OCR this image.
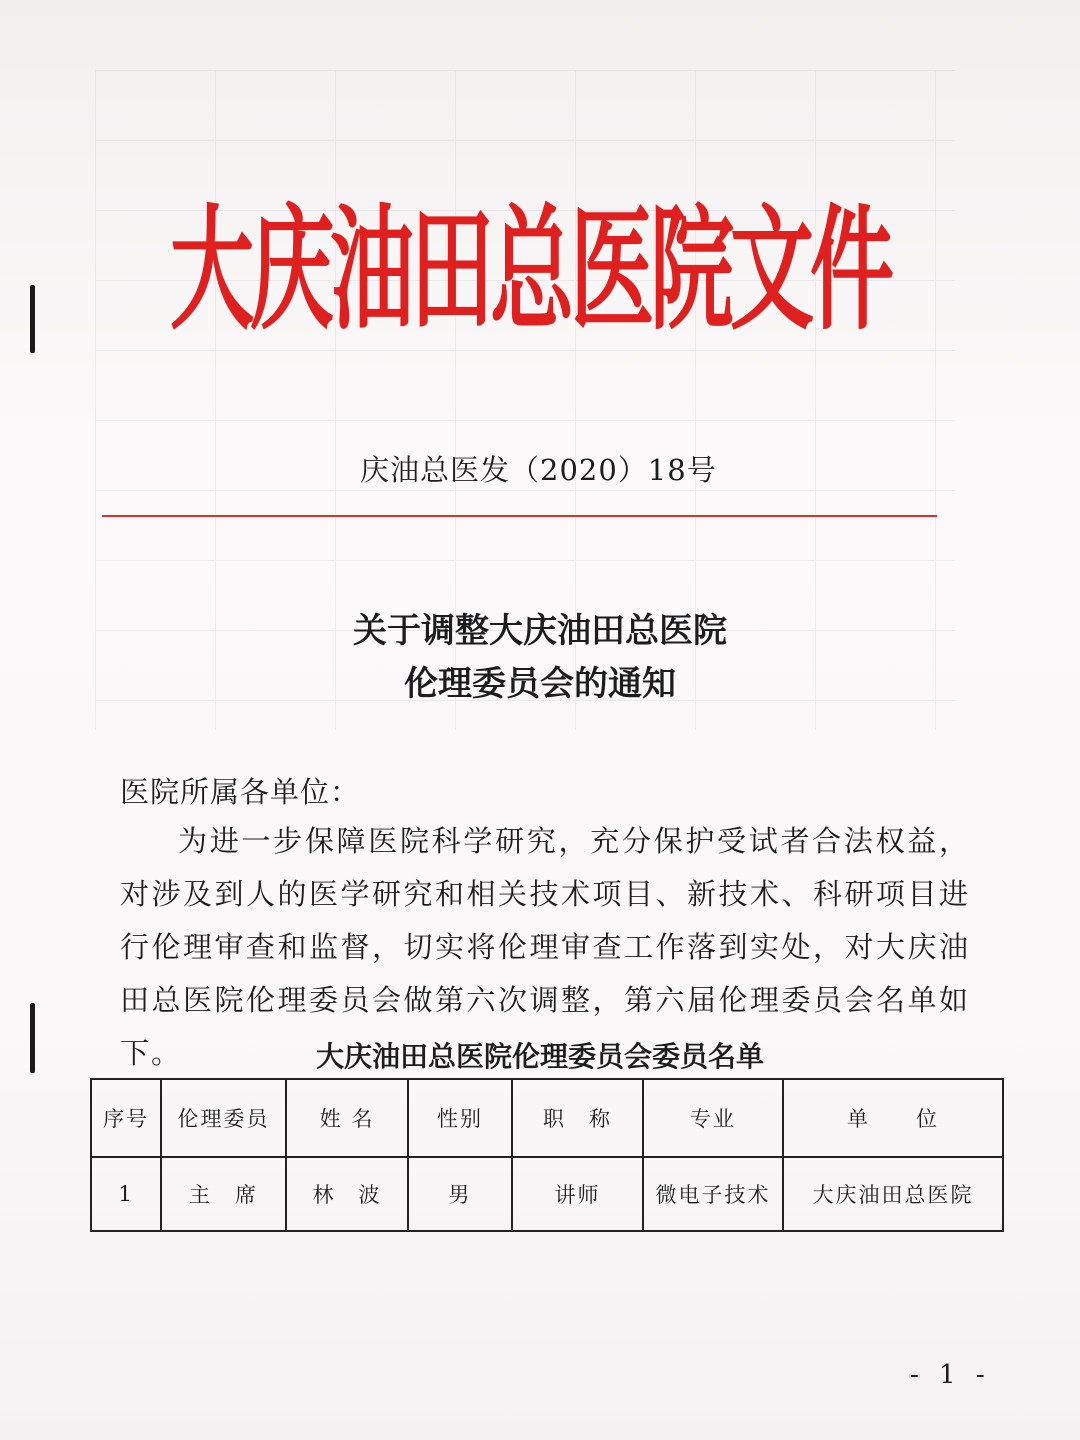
大庆油田总医院文件
庆油总医发（2020）18号
关于调整大庆油田总医院
伦理委员会的通知
医院所属各单位：
为进一步保障医院科学研究，充分保护受试者合法权益，对涉及到人的医学研究和相关技术项目、新技术、科研项目进行伦理审查和监督，切实将伦理审查工作落到实处，对大庆油田总医院伦理委员会做第六次调整，第六届伦理委员会名单如下。	大庆油田总医院伦理委员会委员名单
序号	伦理委员	姓 名	性别	职　称	专业	单　　位
1	主　席	林　波	男	讲师	微电子技术	大庆油田总医院
- 1 -
